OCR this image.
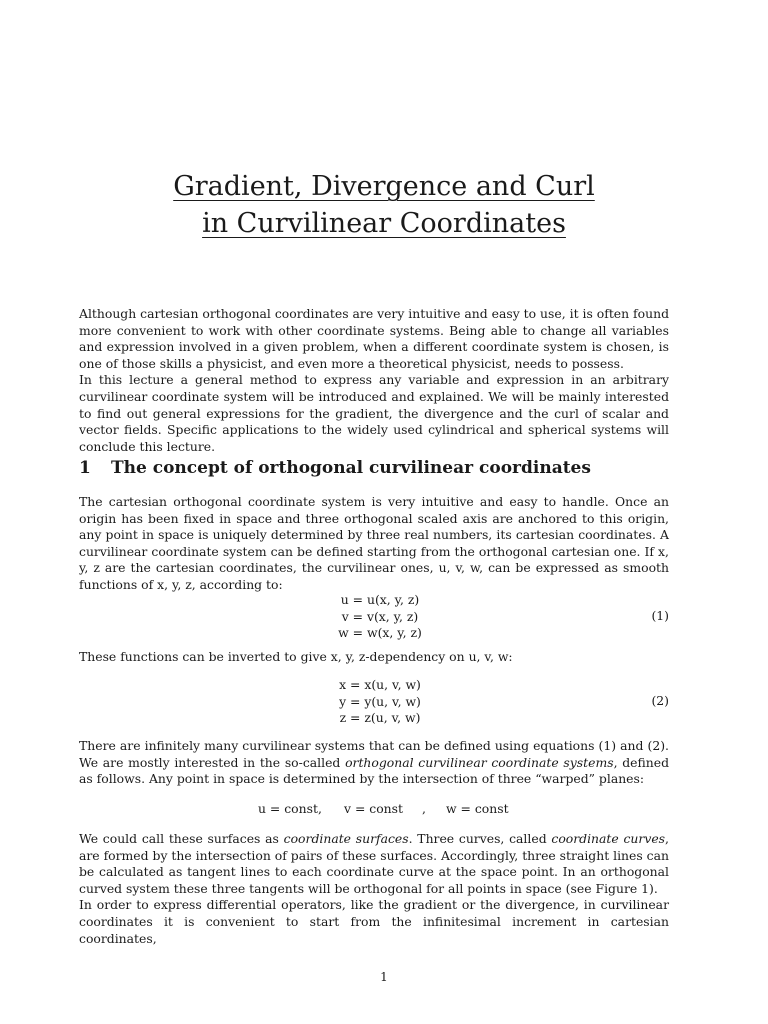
Gradient, Divergence and Curl
in Curvilinear Coordinates
Although cartesian orthogonal coordinates are very intuitive and easy to use, it is often found more convenient to work with other coordinate systems. Being able to change all variables and expression involved in a given problem, when a different coordinate system is chosen, is one of those skills a physicist, and even more a theoretical physicist, needs to possess.
In this lecture a general method to express any variable and expression in an arbitrary curvilinear coordinate system will be introduced and explained. We will be mainly interested to find out general expressions for the gradient, the divergence and the curl of scalar and vector fields. Specific applications to the widely used cylindrical and spherical systems will conclude this lecture.
1 The concept of orthogonal curvilinear coordinates
The cartesian orthogonal coordinate system is very intuitive and easy to handle. Once an origin has been fixed in space and three orthogonal scaled axis are anchored to this origin, any point in space is uniquely determined by three real numbers, its cartesian coordinates. A curvilinear coordinate system can be defined starting from the orthogonal cartesian one. If x, y, z are the cartesian coordinates, the curvilinear ones, u, v, w, can be expressed as smooth functions of x, y, z, according to:
u = u(x, y, z)
v = v(x, y, z)
w = w(x, y, z)
(1)
These functions can be inverted to give x, y, z-dependency on u, v, w:
x = x(u, v, w)
y = y(u, v, w)
z = z(u, v, w)
(2)
There are infinitely many curvilinear systems that can be defined using equations (1) and (2). We are mostly interested in the so-called orthogonal curvilinear coordinate systems, defined as follows. Any point in space is determined by the intersection of three “warped” planes:
u = const , v = const , w = const
We could call these surfaces as coordinate surfaces. Three curves, called coordinate curves, are formed by the intersection of pairs of these surfaces. Accordingly, three straight lines can be calculated as tangent lines to each coordinate curve at the space point. In an orthogonal curved system these three tangents will be orthogonal for all points in space (see Figure 1).
In order to express differential operators, like the gradient or the divergence, in curvilinear coordinates it is convenient to start from the infinitesimal increment in cartesian coordinates,
1
